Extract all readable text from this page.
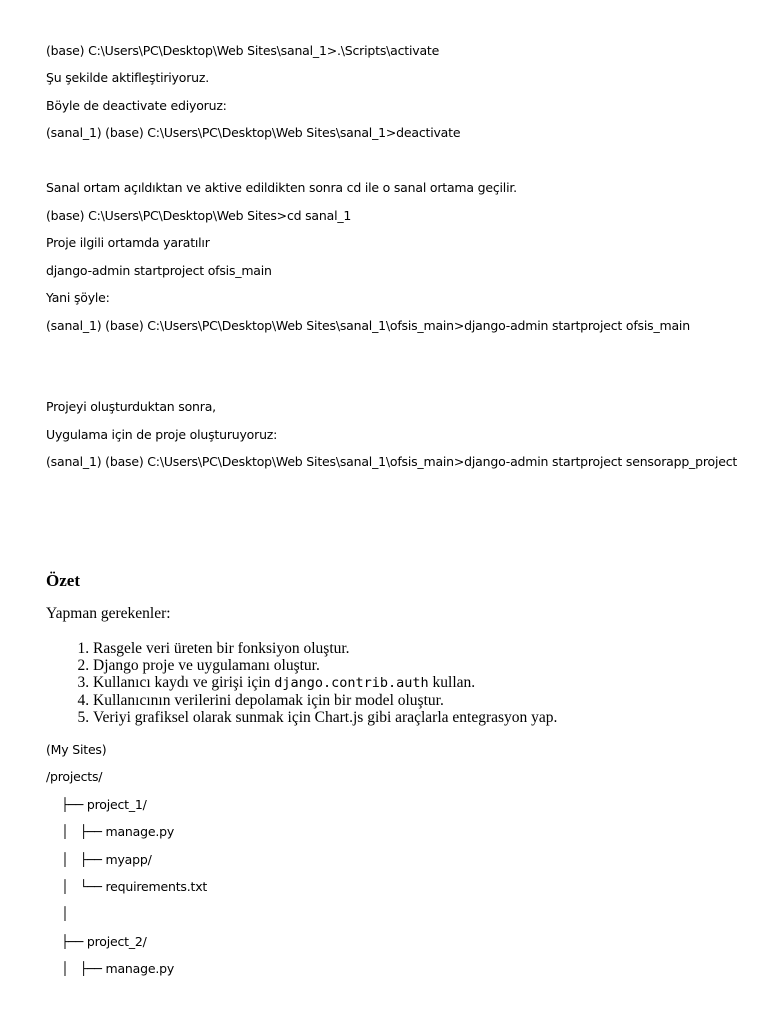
(base) C:\Users\PC\Desktop\Web Sites\sanal_1>.\Scripts\activate
Şu şekilde aktifleştiriyoruz.
Böyle de deactivate ediyoruz:
(sanal_1) (base) C:\Users\PC\Desktop\Web Sites\sanal_1>deactivate
Sanal ortam açıldıktan ve aktive edildikten sonra cd ile o sanal ortama geçilir.
(base) C:\Users\PC\Desktop\Web Sites>cd sanal_1
Proje ilgili ortamda yaratılır
django-admin startproject ofsis_main
Yani şöyle:
(sanal_1) (base) C:\Users\PC\Desktop\Web Sites\sanal_1\ofsis_main>django-admin startproject ofsis_main
Projeyi oluşturduktan sonra,
Uygulama için de proje oluşturuyoruz:
(sanal_1) (base) C:\Users\PC\Desktop\Web Sites\sanal_1\ofsis_main>django-admin startproject sensorapp_project
Özet
Yapman gerekenler:
1. Rasgele veri üreten bir fonksiyon oluştur.
2. Django proje ve uygulamanı oluştur.
3. Kullanıcı kaydı ve girişi için django.contrib.auth kullan.
4. Kullanıcının verilerini depolamak için bir model oluştur.
5. Veriyi grafiksel olarak sunmak için Chart.js gibi araçlarla entegrasyon yap.
(My Sites)
/projects/
├── project_1/
│   ├── manage.py
│   ├── myapp/
│   └── requirements.txt
│
├── project_2/
│   ├── manage.py
